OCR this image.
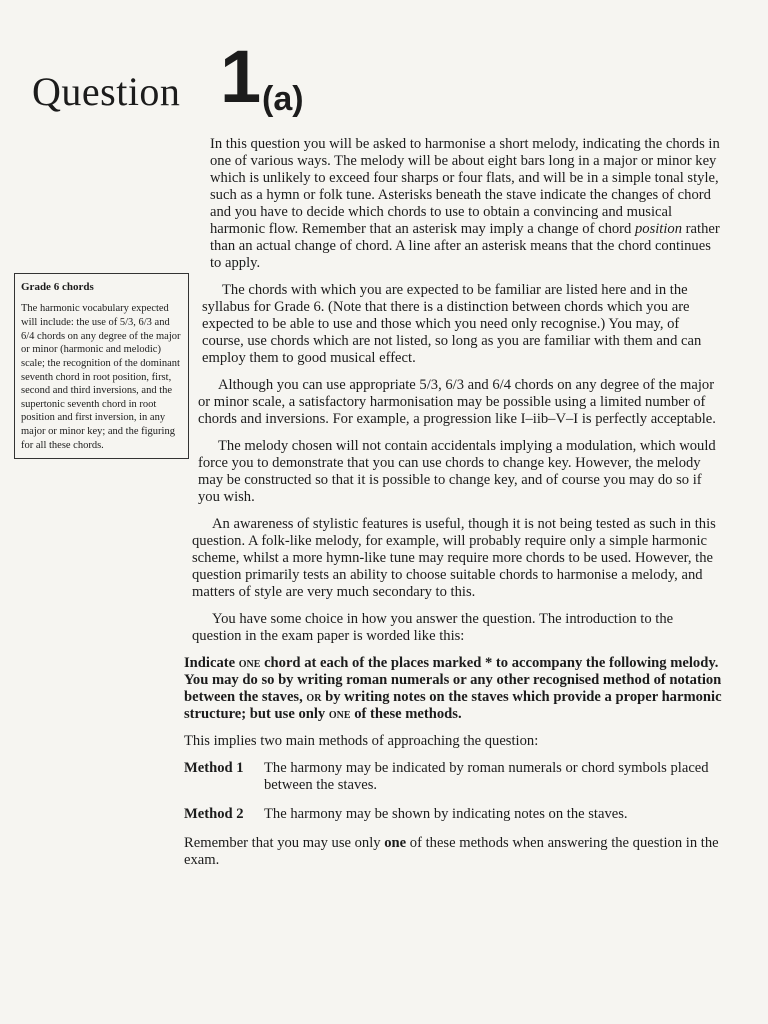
Question 1 (a)
Grade 6 chords

The harmonic vocabulary expected will include: the use of 5/3, 6/3 and 6/4 chords on any degree of the major or minor (harmonic and melodic) scale; the recognition of the dominant seventh chord in root position, first, second and third inversions, and the supertonic seventh chord in root position and first inversion, in any major or minor key; and the figuring for all these chords.

In this question you will be asked to harmonise a short melody, indicating the chords in one of various ways. The melody will be about eight bars long in a major or minor key which is unlikely to exceed four sharps or four flats, and will be in a simple tonal style, such as a hymn or folk tune. Asterisks beneath the stave indicate the changes of chord and you have to decide which chords to use to obtain a convincing and musical harmonic flow. Remember that an asterisk may imply a change of chord position rather than an actual change of chord. A line after an asterisk means that the chord continues to apply.

The chords with which you are expected to be familiar are listed here and in the syllabus for Grade 6. (Note that there is a distinction between chords which you are expected to be able to use and those which you need only recognise.) You may, of course, use chords which are not listed, so long as you are familiar with them and can employ them to good musical effect.

Although you can use appropriate 5/3, 6/3 and 6/4 chords on any degree of the major or minor scale, a satisfactory harmonisation may be possible using a limited number of chords and inversions. For example, a progression like I–iib–V–I is perfectly acceptable.

The melody chosen will not contain accidentals implying a modulation, which would force you to demonstrate that you can use chords to change key. However, the melody may be constructed so that it is possible to change key, and of course you may do so if you wish.

An awareness of stylistic features is useful, though it is not being tested as such in this question. A folk-like melody, for example, will probably require only a simple harmonic scheme, whilst a more hymn-like tune may require more chords to be used. However, the question primarily tests an ability to choose suitable chords to harmonise a melody, and matters of style are very much secondary to this.

You have some choice in how you answer the question. The introduction to the question in the exam paper is worded like this:

Indicate one chord at each of the places marked * to accompany the following melody. You may do so by writing roman numerals or any other recognised method of notation between the staves, or by writing notes on the staves which provide a proper harmonic structure; but use only one of these methods.

This implies two main methods of approaching the question:

Method 1	The harmony may be indicated by roman numerals or chord symbols placed between the staves.
Method 2	The harmony may be shown by indicating notes on the staves.

Remember that you may use only one of these methods when answering the question in the exam.
